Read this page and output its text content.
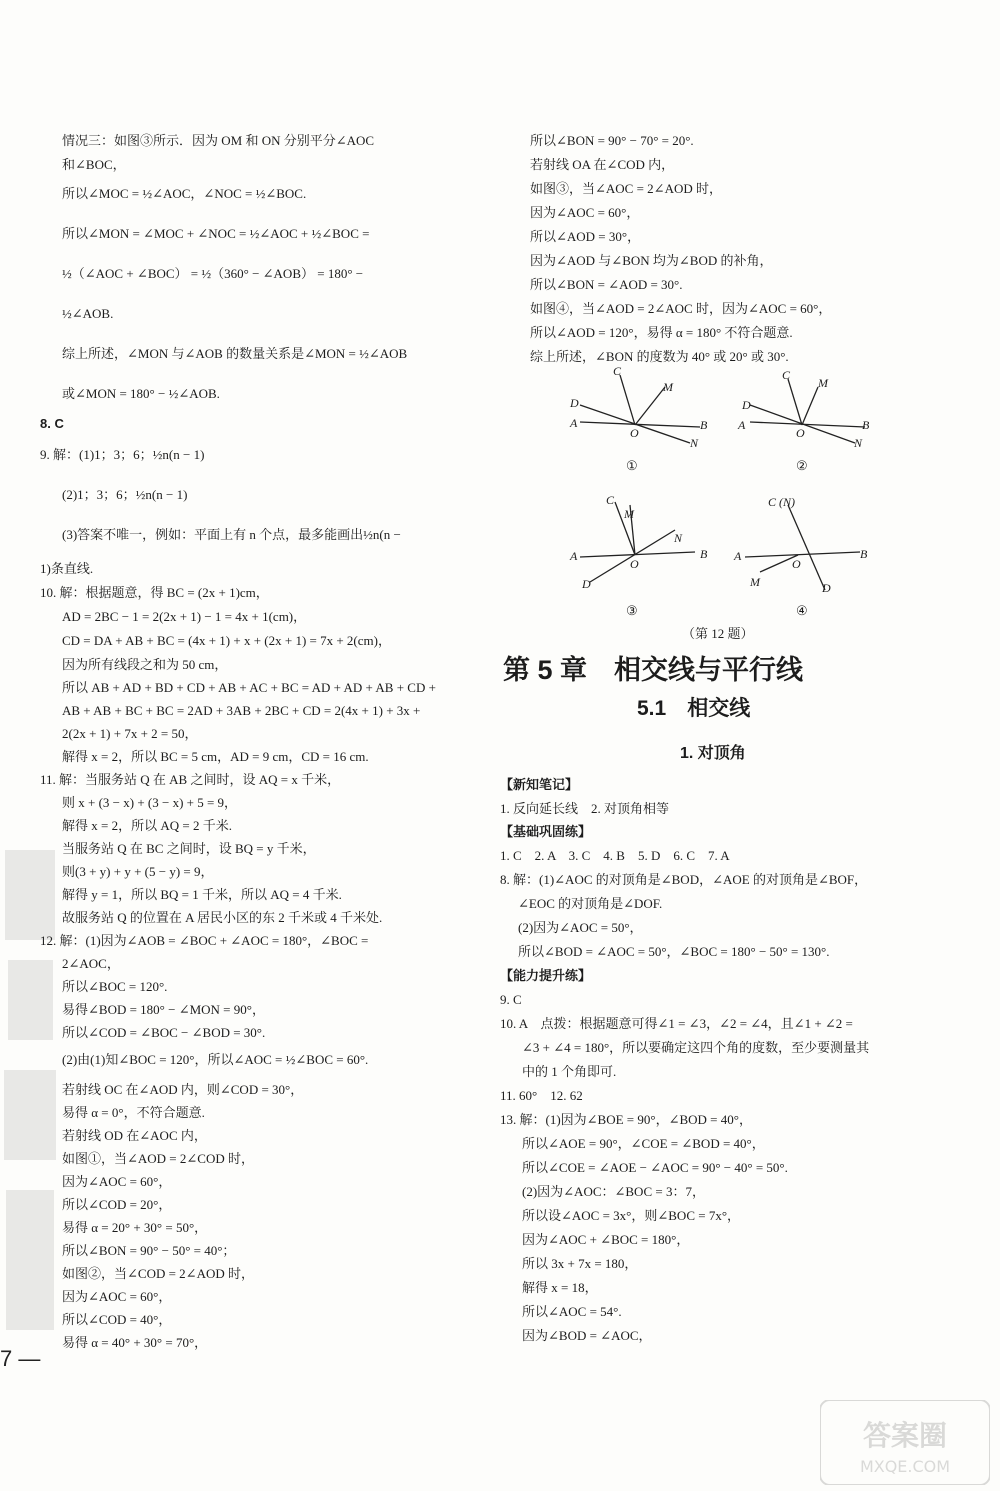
情况三：如图③所示．因为 OM 和 ON 分别平分∠AOC
和∠BOC，
所以∠MOC = ½∠AOC，∠NOC = ½∠BOC.
所以∠MON = ∠MOC + ∠NOC = ½∠AOC + ½∠BOC =
½（∠AOC + ∠BOC） = ½（360° − ∠AOB） = 180° −
½∠AOB.
综上所述，∠MON 与∠AOB 的数量关系是∠MON = ½∠AOB
或∠MON = 180° − ½∠AOB.
8. C
9. 解：(1)1；3；6；½n(n − 1)
(2)1；3；6；½n(n − 1)
(3)答案不唯一，例如：平面上有 n 个点，最多能画出½n(n −
1)条直线.
10. 解：根据题意，得 BC = (2x + 1)cm，
AD = 2BC − 1 = 2(2x + 1) − 1 = 4x + 1(cm)，
CD = DA + AB + BC = (4x + 1) + x + (2x + 1) = 7x + 2(cm)，
因为所有线段之和为 50 cm，
所以 AB + AD + BD + CD + AB + AC + BC = AD + AD + AB + CD +
AB + AB + BC + BC = 2AD + 3AB + 2BC + CD = 2(4x + 1) + 3x +
2(2x + 1) + 7x + 2 = 50，
解得 x = 2，所以 BC = 5 cm，AD = 9 cm，CD = 16 cm.
11. 解：当服务站 Q 在 AB 之间时，设 AQ = x 千米，
则 x + (3 − x) + (3 − x) + 5 = 9，
解得 x = 2，所以 AQ = 2 千米.
当服务站 Q 在 BC 之间时，设 BQ = y 千米，
则(3 + y) + y + (5 − y) = 9，
解得 y = 1，所以 BQ = 1 千米，所以 AQ = 4 千米.
故服务站 Q 的位置在 A 居民小区的东 2 千米或 4 千米处.
12. 解：(1)因为∠AOB = ∠BOC + ∠AOC = 180°，∠BOC =
2∠AOC，
所以∠BOC = 120°.
易得∠BOD = 180° − ∠MON = 90°，
所以∠COD = ∠BOC − ∠BOD = 30°.
(2)由(1)知∠BOC = 120°，所以∠AOC = ½∠BOC = 60°.
若射线 OC 在∠AOD 内，则∠COD = 30°，
易得 α = 0°，不符合题意.
若射线 OD 在∠AOC 内，
如图①，当∠AOD = 2∠COD 时，
因为∠AOC = 60°，
所以∠COD = 20°，
易得 α = 20° + 30° = 50°，
所以∠BON = 90° − 50° = 40°；
如图②，当∠COD = 2∠AOD 时，
因为∠AOC = 60°，
所以∠COD = 40°，
易得 α = 40° + 30° = 70°，
7 —
所以∠BON = 90° − 70° = 20°.
若射线 OA 在∠COD 内，
如图③，当∠AOC = 2∠AOD 时，
因为∠AOC = 60°，
所以∠AOD = 30°，
因为∠AOD 与∠BON 均为∠BOD 的补角，
所以∠BON = ∠AOD = 30°.
如图④，当∠AOD = 2∠AOC 时，因为∠AOC = 60°，
所以∠AOD = 120°，易得 α = 180° 不符合题意.
综上所述，∠BON 的度数为 40° 或 20° 或 30°.
C
M
D
A
O
B
N
①
C
M
D
A
O
B
N
②
C
M
A
D
O
B
N
③
C (N)
A
M
O
B
D
④
（第 12 题）
第 5 章　相交线与平行线
5.1　相交线
1. 对顶角
【新知笔记】
1. 反向延长线　2. 对顶角相等
【基础巩固练】
1. C　2. A　3. C　4. B　5. D　6. C　7. A
8. 解：(1)∠AOC 的对顶角是∠BOD，∠AOE 的对顶角是∠BOF，
∠EOC 的对顶角是∠DOF.
(2)因为∠AOC = 50°，
所以∠BOD = ∠AOC = 50°，∠BOC = 180° − 50° = 130°.
【能力提升练】
9. C
10. A　点拨：根据题意可得∠1 = ∠3，∠2 = ∠4，且∠1 + ∠2 =
∠3 + ∠4 = 180°，所以要确定这四个角的度数，至少要测量其
中的 1 个角即可.
11. 60°　12. 62
13. 解：(1)因为∠BOE = 90°，∠BOD = 40°，
所以∠AOE = 90°，∠COE = ∠BOD = 40°，
所以∠COE = ∠AOE − ∠AOC = 90° − 40° = 50°.
(2)因为∠AOC：∠BOC = 3：7，
所以设∠AOC = 3x°，则∠BOC = 7x°，
因为∠AOC + ∠BOC = 180°，
所以 3x + 7x = 180，
解得 x = 18，
所以∠AOC = 54°.
因为∠BOD = ∠AOC，
答案圈
MXQE.COM
